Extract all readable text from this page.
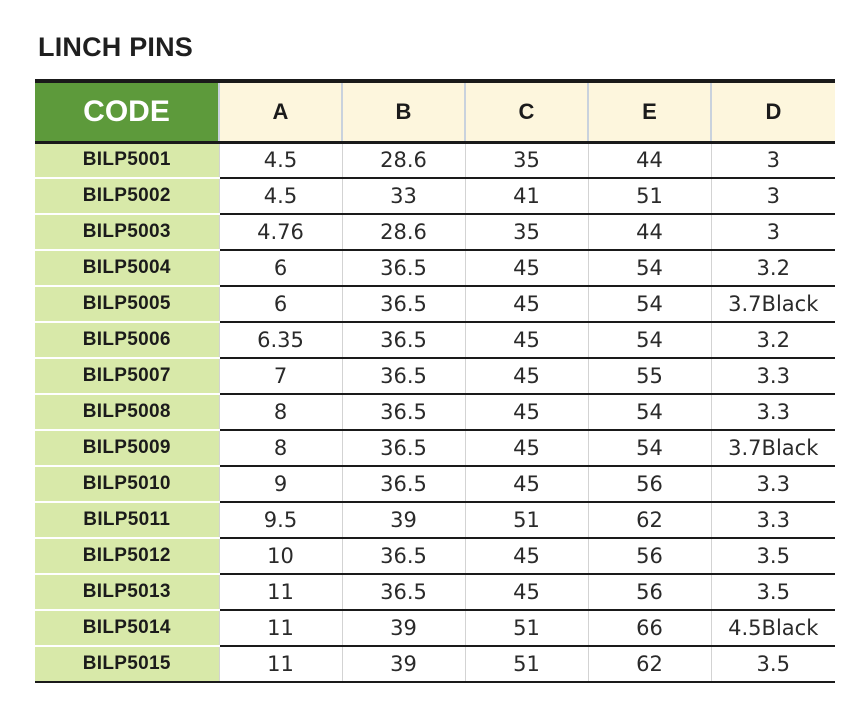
LINCH PINS
CODE	A	B	C	E	D
BILP5001	4.5	28.6	35	44	3
BILP5002	4.5	33	41	51	3
BILP5003	4.76	28.6	35	44	3
BILP5004	6	36.5	45	54	3.2
BILP5005	6	36.5	45	54	3.7Black
BILP5006	6.35	36.5	45	54	3.2
BILP5007	7	36.5	45	55	3.3
BILP5008	8	36.5	45	54	3.3
BILP5009	8	36.5	45	54	3.7Black
BILP5010	9	36.5	45	56	3.3
BILP5011	9.5	39	51	62	3.3
BILP5012	10	36.5	45	56	3.5
BILP5013	11	36.5	45	56	3.5
BILP5014	11	39	51	66	4.5Black
BILP5015	11	39	51	62	3.5
